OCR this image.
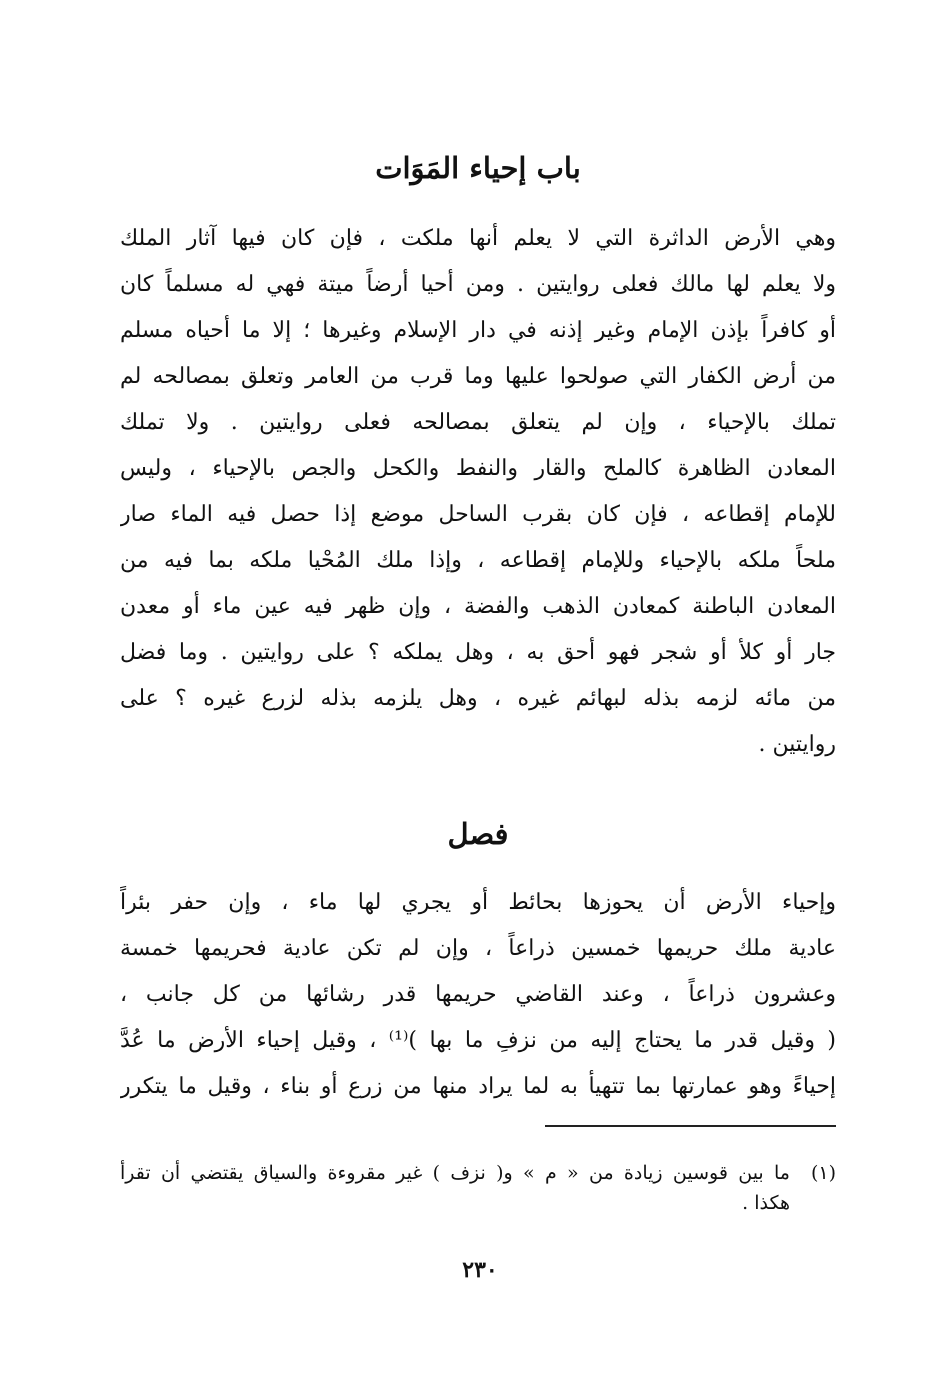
باب إحياء المَوَات
وهي الأرض الداثرة التي لا يعلم أنها ملكت ، فإن كان فيها آثار الملك
ولا يعلم لها مالك فعلى روايتين . ومن أحيا أرضاً ميتة فهي له مسلماً كان
أو كافراً بإذن الإمام وغير إذنه في دار الإسلام وغيرها ؛ إلا ما أحياه مسلم
من أرض الكفار التي صولحوا عليها وما قرب من العامر وتعلق بمصالحه لم
تملك بالإحياء ، وإن لم يتعلق بمصالحه فعلى روايتين . ولا تملك
المعادن الظاهرة كالملح والقار والنفط والكحل والجص بالإحياء ، وليس
للإمام إقطاعه ، فإن كان بقرب الساحل موضع إذا حصل فيه الماء صار
ملحاً ملكه بالإحياء وللإمام إقطاعه ، وإذا ملك المُحْيا ملكه بما فيه من
المعادن الباطنة كمعادن الذهب والفضة ، وإن ظهر فيه عين ماء أو معدن
جار أو كلأ أو شجر فهو أحق به ، وهل يملكه ؟ على روايتين . وما فضل
من مائه لزمه بذله لبهائم غيره ، وهل يلزمه بذله لزرع غيره ؟ على
روايتين .
فصل
وإحياء الأرض أن يحوزها بحائط أو يجري لها ماء ، وإن حفر بئراً
عادية ملك حريمها خمسين ذراعاً ، وإن لم تكن عادية فحريمها خمسة
وعشرون ذراعاً ، وعند القاضي حريمها قدر رشائها من كل جانب ،
( وقيل قدر ما يحتاج إليه من نزفِ ما بها )⁽¹⁾ ، وقيل إحياء الأرض ما عُدَّ
إحياءً وهو عمارتها بما تتهيأ به لما يراد منها من زرع أو بناء ، وقيل ما يتكرر
(١)
ما بين قوسين زيادة من « م » و( نزف ) غير مقروءة والسياق يقتضي أن تقرأ
هكذا .
٢٣٠
